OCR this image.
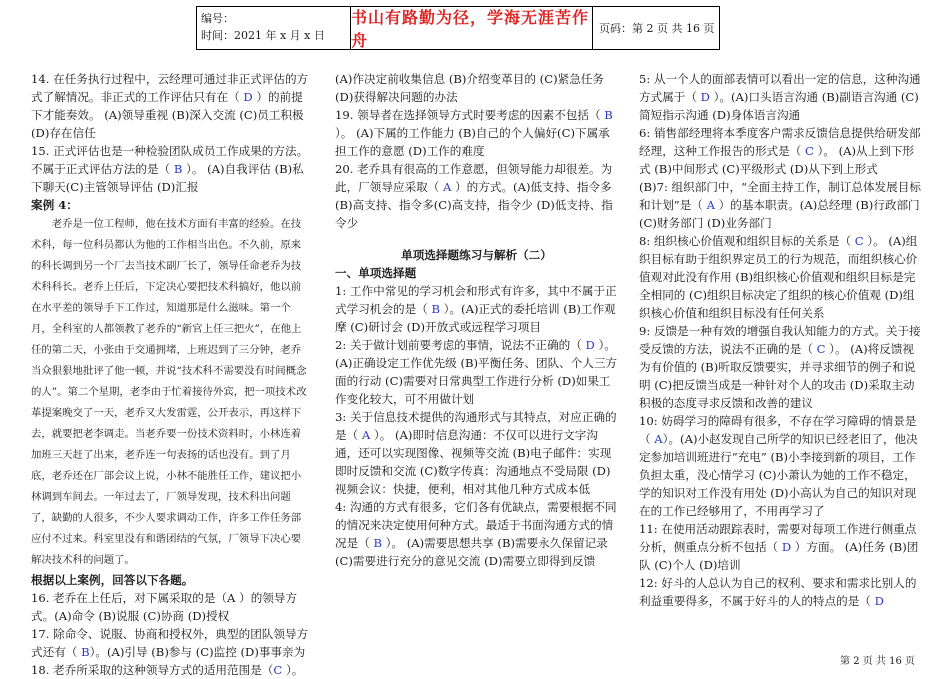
编号：
时间：2021 年 x 月 x 日
书山有路勤为径，学海无涯苦作舟
页码：第 2 页 共 16 页

14. 在任务执行过程中，云经理可通过非正式评估的方式了解情况。非正式的工作评估只有在（ D ）的前提下才能奏效。 (A)领导重视 (B)深入交流 (C)员工积极 (D)存在信任

15. 正式评估也是一种检验团队成员工作成果的方法。不属于正式评估方法的是（ B ）。 (A)自我评估 (B)私下聊天(C)主管领导评估 (D)汇报

案例 4：

老乔是一位工程师，他在技术方面有丰富的经验。在技术科，每一位科员都认为他的工作相当出色。不久前，原来的科长调到另一个厂去当技术副厂长了，领导任命老乔为技术科科长。老乔上任后，下定决心要把技术科搞好，他以前在水平差的领导手下工作过，知道那是什么滋味。第一个月，全科室的人都领教了老乔的“新官上任三把火”，在他上任的第二天，小张由于交通拥堵，上班迟到了三分钟，老乔当众狠狠地批评了他一顿，并说“技术科不需要没有时间概念的人”。第二个星期，老李由于忙着接待外宾，把一项技术改革提案晚交了一天，老乔又大发雷霆，公开表示，再这样下去，就要把老李调走。当老乔要一份技术资料时，小林连着加班三天赶了出来，老乔连一句表扬的话也没有。到了月底，老乔还在厂部会议上说，小林不能胜任工作，建议把小林调到车间去。一年过去了，厂领导发现，技术科出问题了，缺勤的人很多，不少人要求调动工作，许多工作任务部应付不过来。科室里没有和谐团结的气氛，厂领导下决心要解决技术科的问题了。

根据以上案例，回答以下各题。

16. 老乔在上任后，对下属采取的是（A ）的领导方式。(A)命令 (B)说服 (C)协商 (D)授权

17. 除命令、说服、协商和授权外，典型的团队领导方式还有（ B）。(A)引导 (B)参与 (C)监控 (D)事事亲为

18. 老乔所采取的这种领导方式的适用范围是（C ）。

(A)作决定前收集信息 (B)介绍变革目的 (C)紧急任务 (D)获得解决问题的办法

19. 领导者在选择领导方式时要考虑的因素不包括（ B ）。 (A)下属的工作能力 (B)自己的个人偏好(C)下属承担工作的意愿 (D)工作的难度

20. 老乔具有很高的工作意愿，但领导能力却很差。为此，厂领导应采取（ A ）的方式。(A)低支持、指令多 (B)高支持、指令多(C)高支持，指令少 (D)低支持、指令少

单项选择题练习与解析（二）

一、单项选择题

1: 工作中常见的学习机会和形式有许多，其中不属于正式学习机会的是（ B ）。(A)正式的委托培训 (B)工作观摩 (C)研讨会 (D)开放式或远程学习项目

2: 关于做计划前要考虑的事情，说法不正确的（ D ）。 (A)正确设定工作优先级 (B)平衡任务、团队、个人三方面的行动 (C)需要对日常典型工作进行分析 (D)如果工作变化较大，可不用做计划

3: 关于信息技术提供的沟通形式与其特点，对应正确的是（ A ）。 (A)即时信息沟通：不仅可以进行文字沟通，还可以实现图像、视频等交流 (B)电子邮件：实现即时反馈和交流 (C)数字传真：沟通地点不受局限 (D)视频会议：快捷，便利，相对其他几种方式成本低

4: 沟通的方式有很多，它们各有优缺点，需要根据不同的情况来决定使用何种方式。最适于书面沟通方式的情况是（ B ）。 (A)需要思想共享 (B)需要永久保留记录 (C)需要进行充分的意见交流 (D)需要立即得到反馈

5: 从一个人的面部表情可以看出一定的信息，这种沟通方式属于（ D ）。(A)口头语言沟通 (B)副语言沟通 (C)简短指示沟通 (D)身体语言沟通

6: 销售部经理将本季度客户需求反馈信息提供给研发部经理，这种工作报告的形式是（ C ）。 (A)从上到下形式 (B)中间形式 (C)平级形式 (D)从下到上形式

(B)7: 组织部门中，“全面主持工作，制订总体发展目标和计划”是（ A ）的基本职责。(A)总经理 (B)行政部门 (C)财务部门 (D)业务部门

8: 组织核心价值观和组织目标的关系是（ C ）。 (A)组织目标有助于组织界定员工的行为规范，而组织核心价值观对此没有作用 (B)组织核心价值观和组织目标是完全相同的 (C)组织目标决定了组织的核心价值观 (D)组织核心价值和组织目标没有任何关系

9: 反馈是一种有效的增强自我认知能力的方式。关于接受反馈的方法，说法不正确的是（ C ）。 (A)将反馈视为有价值的 (B)听取反馈要实，并寻求细节的例子和说明 (C)把反馈当成是一种针对个人的攻击 (D)采取主动积极的态度寻求反馈和改善的建议

10: 妨碍学习的障碍有很多，不存在学习障碍的情景是（ A）。(A)小赵发现自己所学的知识已经老旧了，他决定参加培训班进行“充电” (B)小李接到新的项目，工作负担太重，没心情学习 (C)小萧认为她的工作不稳定，学的知识对工作没有用处 (D)小高认为自己的知识对现在的工作已经够用了，不用再学习了

11: 在使用活动跟踪表时，需要对每项工作进行侧重点分析，侧重点分析不包括（ D ）方面。 (A)任务 (B)团队 (C)个人 (D)培训

12: 好斗的人总认为自己的权利、要求和需求比别人的利益重要得多，不属于好斗的人的特点的是（ D

第 2 页 共 16 页
